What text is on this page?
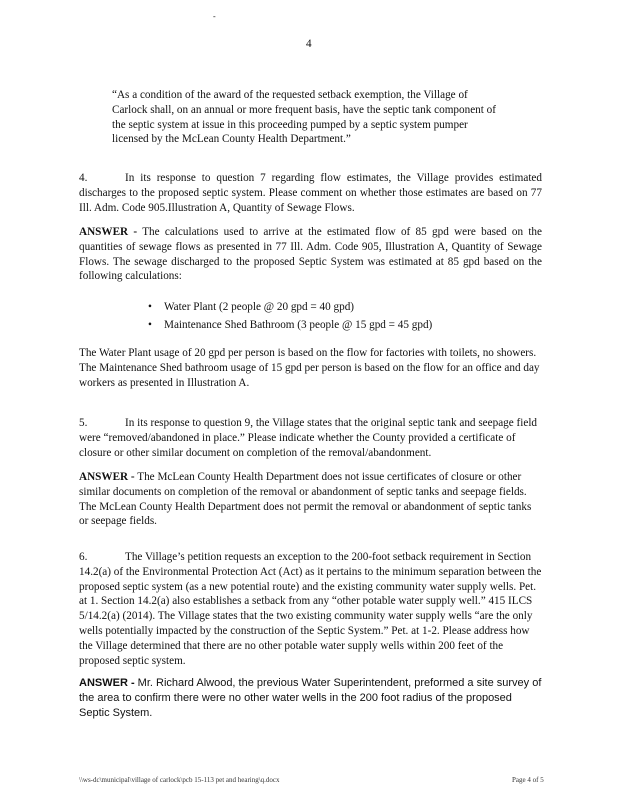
-
4
“As a condition of the award of the requested setback exemption, the Village of Carlock shall, on an annual or more frequent basis, have the septic tank component of the septic system at issue in this proceeding pumped by a septic system pumper licensed by the McLean County Health Department.”
4.	In its response to question 7 regarding flow estimates, the Village provides estimated discharges to the proposed septic system. Please comment on whether those estimates are based on 77 Ill. Adm. Code 905.Illustration A, Quantity of Sewage Flows.
ANSWER - The calculations used to arrive at the estimated flow of 85 gpd were based on the quantities of sewage flows as presented in 77 Ill. Adm. Code 905, Illustration A, Quantity of Sewage Flows. The sewage discharged to the proposed Septic System was estimated at 85 gpd based on the following calculations:
• Water Plant (2 people @ 20 gpd = 40 gpd)
• Maintenance Shed Bathroom (3 people @ 15 gpd = 45 gpd)
The Water Plant usage of 20 gpd per person is based on the flow for factories with toilets, no showers. The Maintenance Shed bathroom usage of 15 gpd per person is based on the flow for an office and day workers as presented in Illustration A.
5.	In its response to question 9, the Village states that the original septic tank and seepage field were “removed/abandoned in place.” Please indicate whether the County provided a certificate of closure or other similar document on completion of the removal/abandonment.
ANSWER - The McLean County Health Department does not issue certificates of closure or other similar documents on completion of the removal or abandonment of septic tanks and seepage fields. The McLean County Health Department does not permit the removal or abandonment of septic tanks or seepage fields.
6.	The Village’s petition requests an exception to the 200-foot setback requirement in Section 14.2(a) of the Environmental Protection Act (Act) as it pertains to the minimum separation between the proposed septic system (as a new potential route) and the existing community water supply wells. Pet. at 1. Section 14.2(a) also establishes a setback from any “other potable water supply well.” 415 ILCS 5/14.2(a) (2014). The Village states that the two existing community water supply wells “are the only wells potentially impacted by the construction of the Septic System.” Pet. at 1-2. Please address how the Village determined that there are no other potable water supply wells within 200 feet of the proposed septic system.
ANSWER - Mr. Richard Alwood, the previous Water Superintendent, preformed a site survey of the area to confirm there were no other water wells in the 200 foot radius of the proposed Septic System.
\\ws-dc\municipal\village of carlock\pcb 15-113 pet and hearing\q.docx	Page 4 of 5
